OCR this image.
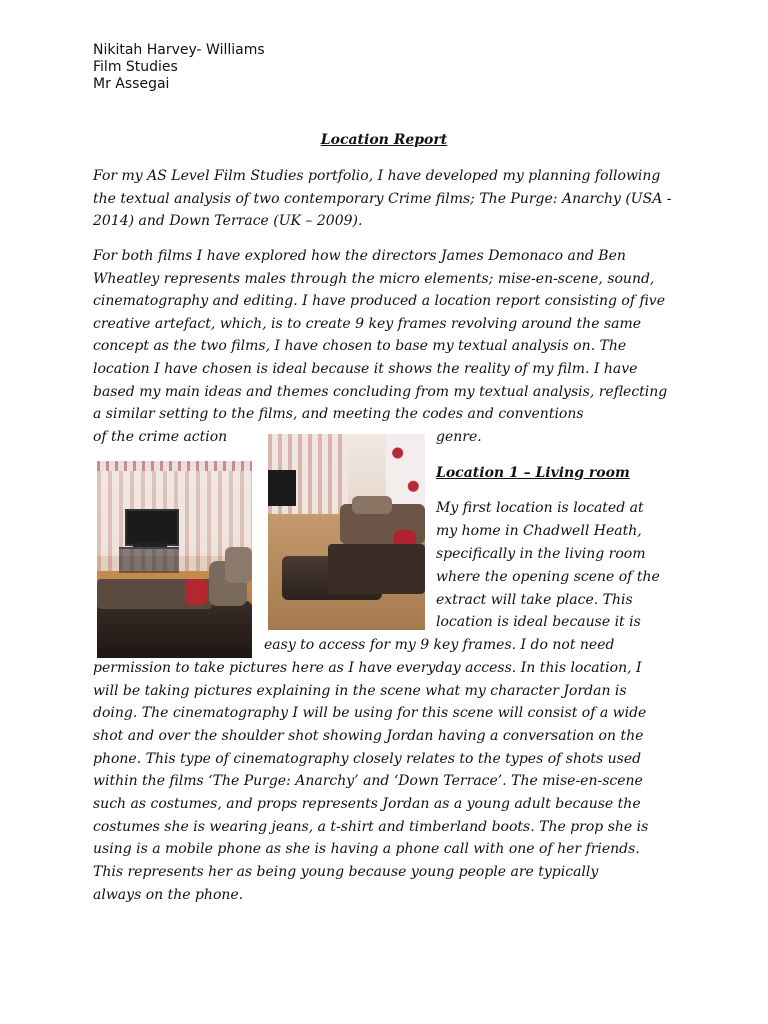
Nikitah Harvey- Williams
Film Studies
Mr Assegai
Location Report

For my AS Level Film Studies portfolio, I have developed my planning following the textual analysis of two contemporary Crime films; The Purge: Anarchy (USA - 2014) and Down Terrace (UK – 2009).

For both films I have explored how the directors James Demonaco and Ben Wheatley represents males through the micro elements; mise-en-scene, sound, cinematography and editing. I have produced a location report consisting of five creative artefact, which, is to create 9 key frames revolving around the same concept as the two films, I have chosen to base my textual analysis on. The location I have chosen is ideal because it shows the reality of my film. I have based my main ideas and themes concluding from my textual analysis, reflecting a similar setting to the films, and meeting the codes and conventions

of the crime action	genre.
Location 1 – Living room
My first location is located at
my home in Chadwell Heath,
specifically in the living room
where the opening scene of the
extract will take place. This
location is ideal because it is
easy to access for my 9 key frames. I do not need
permission to take pictures here as I have everyday access. In this location, I
will be taking pictures explaining in the scene what my character Jordan is
doing. The cinematography I will be using for this scene will consist of a wide
shot and over the shoulder shot showing Jordan having a conversation on the
phone. This type of cinematography closely relates to the types of shots used
within the films ‘The Purge: Anarchy’ and ‘Down Terrace’. The mise-en-scene
such as costumes, and props represents Jordan as a young adult because the
costumes she is wearing jeans, a t-shirt and timberland boots. The prop she is
using is a mobile phone as she is having a phone call with one of her friends.
This represents her as being young because young people are typically
always on the phone.
